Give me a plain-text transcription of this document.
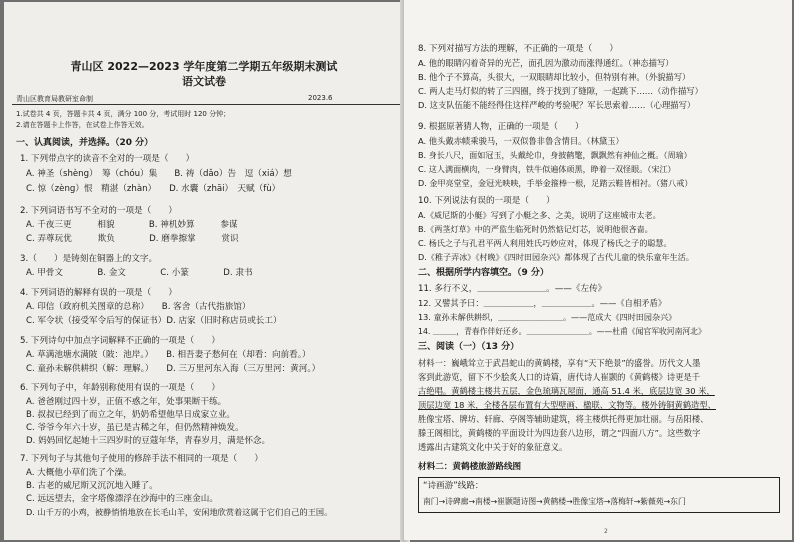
青山区 2022—2023 学年度第二学期五年级期末测试
语文试卷
青山区教育局教研室命制	2023.6
1.试卷共 4 页，答题卡共 4 页，满分 100 分，考试用时 120 分钟；
2.请在答题卡上作答，在试卷上作答无效。
一、认真阅读，并选择。（20 分）
1. 下列带点字的读音不全对的一项是（　　）
A. 神圣（shèng）　筹（chóu）集　　B. 祷（dǎo）告　逗（xiá）想
C. 惊（zèng）恨　精湛（zhàn）　　D. 水囊（zhāi）　天赋（fù）
2. 下列词语书写不全对的一项是（　　）
A. 千夜三更　　　相貌　　　　B. 神机妙算　　　参谋
C. 弄尊玩优　　　欺负　　　　D. 磨拳擦掌　　　赏识
3.（　　）是铸刻在铜器上的文字。
A. 甲骨文　　　　B. 金文　　　　C. 小篆　　　　D. 隶书
4. 下列词语的解释有误的一项是（　　）
A. 印信（政府机关图章的总称）　　B. 客舍（古代指旅馆）
C. 军令状（接受军令后写的保证书）D. 店家（旧时称店员或长工）
5. 下列诗句中加点字词解释不正确的一项是（　　）
A. 草满池塘水满陂（陂：池岸。）　　B. 相吾妻子愁何在（却看：向前看。）
C. 童孙未解供耕织（解：理解。）　　D. 三万里河东入海（三万里河：黄河。）
6. 下列句子中，年龄别称使用有误的一项是（　　）
A. 爸爸刚过四十岁，正值不惑之年，处事果断干练。
B. 叔叔已经到了而立之年，奶奶希望他早日成家立业。
C. 爷爷今年六十岁，虽已是古稀之年，但仍然精神焕发。
D. 妈妈回忆起她十三四岁时的豆蔻年华，青春岁月，满是怀念。
7. 下列句子与其他句子使用的修辞手法不相同的一项是（　　）
A. 大概他小草们洗了个澡。
B. 古老的威尼斯又沉沉地入睡了。
C. 远远望去，金字塔像漂浮在沙海中的三座金山。
D. 山千万的小鸡，被静悄悄地放在长毛山羊，安闲地欣赏着这属于它们自己的王国。
8. 下列对描写方法的理解，不正确的一项是（　　）
A. 他的眼睛闪着奇异的光芒，面孔因为激动而涨得通红。（神态描写）
B. 他个子不算高，头很大，一双眼睛却比较小，但特别有神。（外貌描写）
C. 两人走马灯似的转了三四圈，终于找到了缝隙，一起跳下……（动作描写）
D. 这支队伍能不能经得住这样严峻的考验呢？军长思索着……（心理描写）
9. 根据原著猜人物，正确的一项是（　　）
A. 他头戴赤帻乘骏马，一双似鲁非鲁含情目。（林黛玉）
B. 身长八尺，面如冠玉，头戴纶巾，身披鹤氅，飘飘然有神仙之概。（周瑜）
C. 这人满面横肉，一身臂肉，铁牛似遍体顽黑，睁着一双怪眼。（宋江）
D. 金甲亮堂堂，金冠光映映，手举金箍棒一根，足踏云鞋皆相衬。（猪八戒）
10. 下列说法有误的一项是（　　）
A.《威尼斯的小艇》写到了小艇之多、之美，说明了这座城市太老。
B.《两茎灯草》中的严监生临死时仍然惦记灯芯，说明他很吝啬。
C. 杨氏之子与孔君平两人利用姓氏巧妙应对，体现了杨氏之子的聪慧。
D.《稚子弄冰》《村晚》《四时田园杂兴》都体现了古代儿童的快乐童年生活。
二、根据所学内容填空。（9 分）
11. 多行不义，＿＿＿＿＿＿＿＿。——《左传》
12. 又譬其予曰：＿＿＿＿＿＿，＿＿＿＿＿＿。——《自相矛盾》
13. 童孙未解供耕织，＿＿＿＿＿＿＿＿。——范成大《四时田园杂兴》
14. ＿＿＿，青春作伴好还乡。＿＿＿＿＿＿＿＿。——杜甫《闻官军收河南河北》
三、阅读（一）（13 分）
材料一：巍峨耸立于武昌蛇山的黄鹤楼，享有“天下绝景”的盛誉。历代文人墨
客到此游览，留下不少脍炙人口的诗篇，唐代诗人崔颢的《黄鹤楼》诗更是千
古绝唱。黄鹤楼主楼共五层，金色琉璃瓦屋面，通高 51.4 米，底层边宽 30 米，
顶层边宽 18 米，全楼各层布置有大型壁画、楹联、文物等。楼外铸铜黄鹤造型、
胜像宝塔、牌坊、轩廊、亭阁等辅助建筑，将主楼烘托得更加壮丽。与岳阳楼、
滕王阁相比，黄鹤楼的平面设计为四边套八边形，谓之“四面八方”。这些数字
透露出古建筑文化中关于好的象征意义。
材料二：黄鹤楼旅游路线图
“诗画游”线路：
南门→诗碑廊→南楼→崔颢题诗图→黄鹤楼→胜像宝塔→落梅轩→紫薇苑→东门
2
